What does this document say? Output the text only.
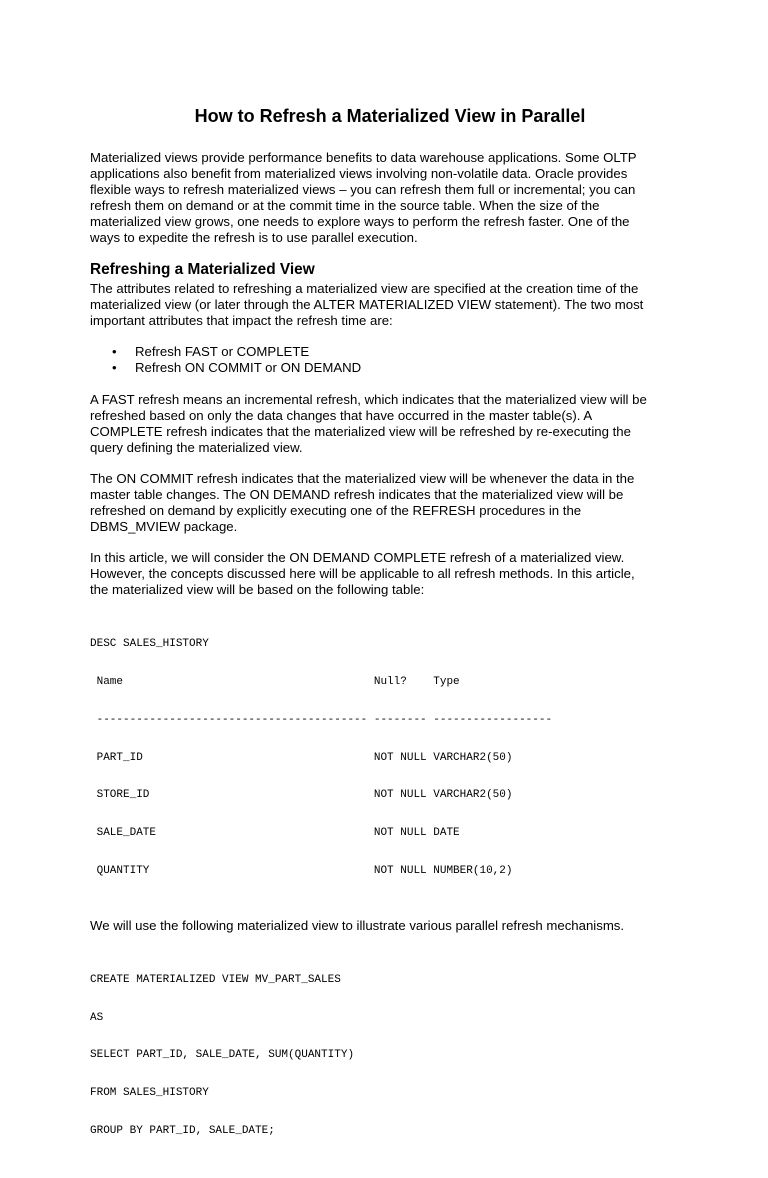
How to Refresh a Materialized View in Parallel

Materialized views provide performance benefits to data warehouse applications. Some OLTP
applications also benefit from materialized views involving non-volatile data. Oracle provides
flexible ways to refresh materialized views – you can refresh them full or incremental; you can
refresh them on demand or at the commit time in the source table. When the size of the
materialized view grows, one needs to explore ways to perform the refresh faster. One of the
ways to expedite the refresh is to use parallel execution.

Refreshing a Materialized View

The attributes related to refreshing a materialized view are specified at the creation time of the
materialized view (or later through the ALTER MATERIALIZED VIEW statement). The two most
important attributes that impact the refresh time are:

• Refresh FAST or COMPLETE
• Refresh ON COMMIT or ON DEMAND

A FAST refresh means an incremental refresh, which indicates that the materialized view will be
refreshed based on only the data changes that have occurred in the master table(s). A
COMPLETE refresh indicates that the materialized view will be refreshed by re-executing the
query defining the materialized view.

The ON COMMIT refresh indicates that the materialized view will be whenever the data in the
master table changes. The ON DEMAND refresh indicates that the materialized view will be
refreshed on demand by explicitly executing one of the REFRESH procedures in the
DBMS_MVIEW package.

In this article, we will consider the ON DEMAND COMPLETE refresh of a materialized view.
However, the concepts discussed here will be applicable to all refresh methods. In this article,
the materialized view will be based on the following table:

DESC SALES_HISTORY

Name                                      Null?    Type

----------------------------------------- -------- ------------------

PART_ID                                   NOT NULL VARCHAR2(50)

STORE_ID                                  NOT NULL VARCHAR2(50)

SALE_DATE                                 NOT NULL DATE

QUANTITY                                  NOT NULL NUMBER(10,2)

We will use the following materialized view to illustrate various parallel refresh mechanisms.

CREATE MATERIALIZED VIEW MV_PART_SALES

AS

SELECT PART_ID, SALE_DATE, SUM(QUANTITY)

FROM SALES_HISTORY

GROUP BY PART_ID, SALE_DATE;
